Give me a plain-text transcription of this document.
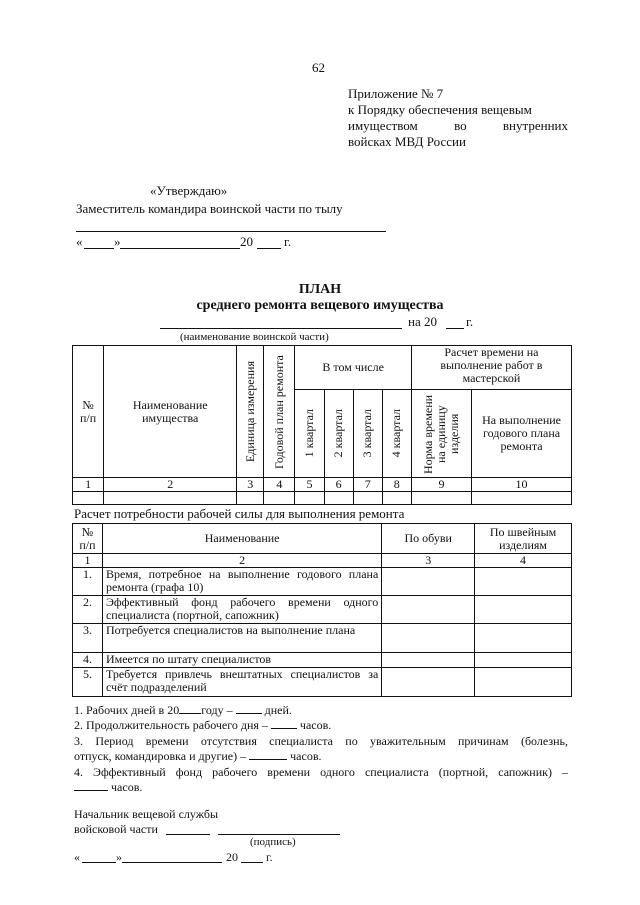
62
Приложение № 7
к Порядку обеспечения вещевым
имуществом во внутренних
войсках МВД России
«Утверждаю»
Заместитель командира воинской части по тылу
« »	20 г.
ПЛАН
среднего ремонта вещевого имущества
на 20 г.
(наименование воинской части)
№ п/п	Наименование имущества	Единица измерения	Годовой план ремонта	В том числе				Расчет времени на выполнение работ в мастерской	

				1 квартал	2 квартал	3 квартал	4 квартал	Норма времени на единицу изделия	На выполнение годового плана ремонта
1	2	3	4	5	6	7	8	9	10

Расчет потребности рабочей силы для выполнения ремонта
№ п/п	Наименование	По обуви	По швейным изделиям
1	2	3	4
1.	Время, потребное на выполнение годового плана ремонта (графа 10)		
2.	Эффективный фонд рабочего времени одного специалиста (портной, сапожник)		
3.	Потребуется специалистов на выполнение плана		
4.	Имеется по штату специалистов		
5.	Требуется привлечь внештатных специалистов за счёт подразделений		
1. Рабочих дней в 20 году –	дней.
2. Продолжительность рабочего дня –	часов.
3. Период времени отсутствия специалиста по уважительным причинам (болезнь,
отпуск, командировка и другие) –	часов.
4. Эффективный фонд рабочего времени одного специалиста (портной, сапожник) –
часов.
Начальник вещевой службы
войсковой части
(подпись)
«	»	20 г.
